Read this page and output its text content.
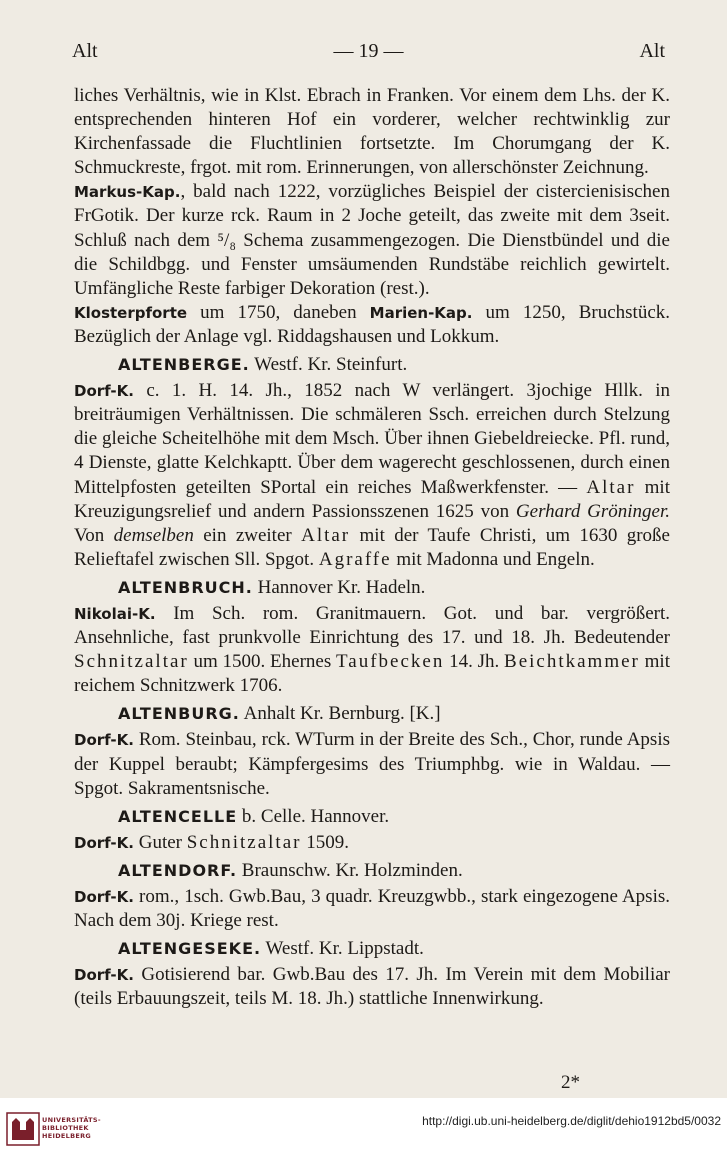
Alt	— 19 —	Alt

liches Verhältnis, wie in Klst. Ebrach in Franken. Vor einem dem Lhs. der K. entsprechenden hinteren Hof ein vorderer, welcher rechtwinklig zur Kirchenfassade die Fluchtlinien fortsetzte. Im Chorumgang der K. Schmuckreste, frgot. mit rom. Erinnerungen, von allerschönster Zeichnung.

Markus-Kap., bald nach 1222, vorzügliches Beispiel der cistercienisischen FrGotik. Der kurze rck. Raum in 2 Joche geteilt, das zweite mit dem 3seit. Schluß nach dem ⁵/₈ Schema zusammengezogen. Die Dienstbündel und die die Schildbgg. und Fenster umsäumenden Rundstäbe reichlich gewirtelt. Umfängliche Reste farbiger Dekoration (rest.).

Klosterpforte um 1750, daneben Marien-Kap. um 1250, Bruchstück. Bezüglich der Anlage vgl. Riddagshausen und Lokkum.

ALTENBERGE. Westf. Kr. Steinfurt.

Dorf-K. c. 1. H. 14. Jh., 1852 nach W verlängert. 3jochige Hllk. in breiträumigen Verhältnissen. Die schmäleren Ssch. erreichen durch Stelzung die gleiche Scheitelhöhe mit dem Msch. Über ihnen Giebeldreiecke. Pfl. rund, 4 Dienste, glatte Kelchkaptt. Über dem wagerecht geschlossenen, durch einen Mittelpfosten geteilten SPortal ein reiches Maßwerkfenster. — Altar mit Kreuzigungsrelief und andern Passionsszenen 1625 von Gerhard Gröninger. Von demselben ein zweiter Altar mit der Taufe Christi, um 1630 große Relieftafel zwischen Sll. Spgot. Agraffe mit Madonna und Engeln.

ALTENBRUCH. Hannover Kr. Hadeln.

Nikolai-K. Im Sch. rom. Granitmauern. Got. und bar. vergrößert. Ansehnliche, fast prunkvolle Einrichtung des 17. und 18. Jh. Bedeutender Schnitzaltar um 1500. Ehernes Taufbecken 14. Jh. Beichtkammer mit reichem Schnitzwerk 1706.

ALTENBURG. Anhalt Kr. Bernburg. [K.]

Dorf-K. Rom. Steinbau, rck. WTurm in der Breite des Sch., Chor, runde Apsis der Kuppel beraubt; Kämpfergesims des Triumphbg. wie in Waldau. — Spgot. Sakramentsnische.

ALTENCELLE b. Celle. Hannover.

Dorf-K. Guter Schnitzaltar 1509.

ALTENDORF. Braunschw. Kr. Holzminden.

Dorf-K. rom., 1sch. Gwb.Bau, 3 quadr. Kreuzgwbb., stark eingezogene Apsis. Nach dem 30j. Kriege rest.

ALTENGESEKE. Westf. Kr. Lippstadt.

Dorf-K. Gotisierend bar. Gwb.Bau des 17. Jh. Im Verein mit dem Mobiliar (teils Erbauungszeit, teils M. 18. Jh.) stattliche Innenwirkung.

2*
UNIVERSITÄTS-
BIBLIOTHEK
HEIDELBERG
http://digi.ub.uni-heidelberg.de/diglit/dehio1912bd5/0032
